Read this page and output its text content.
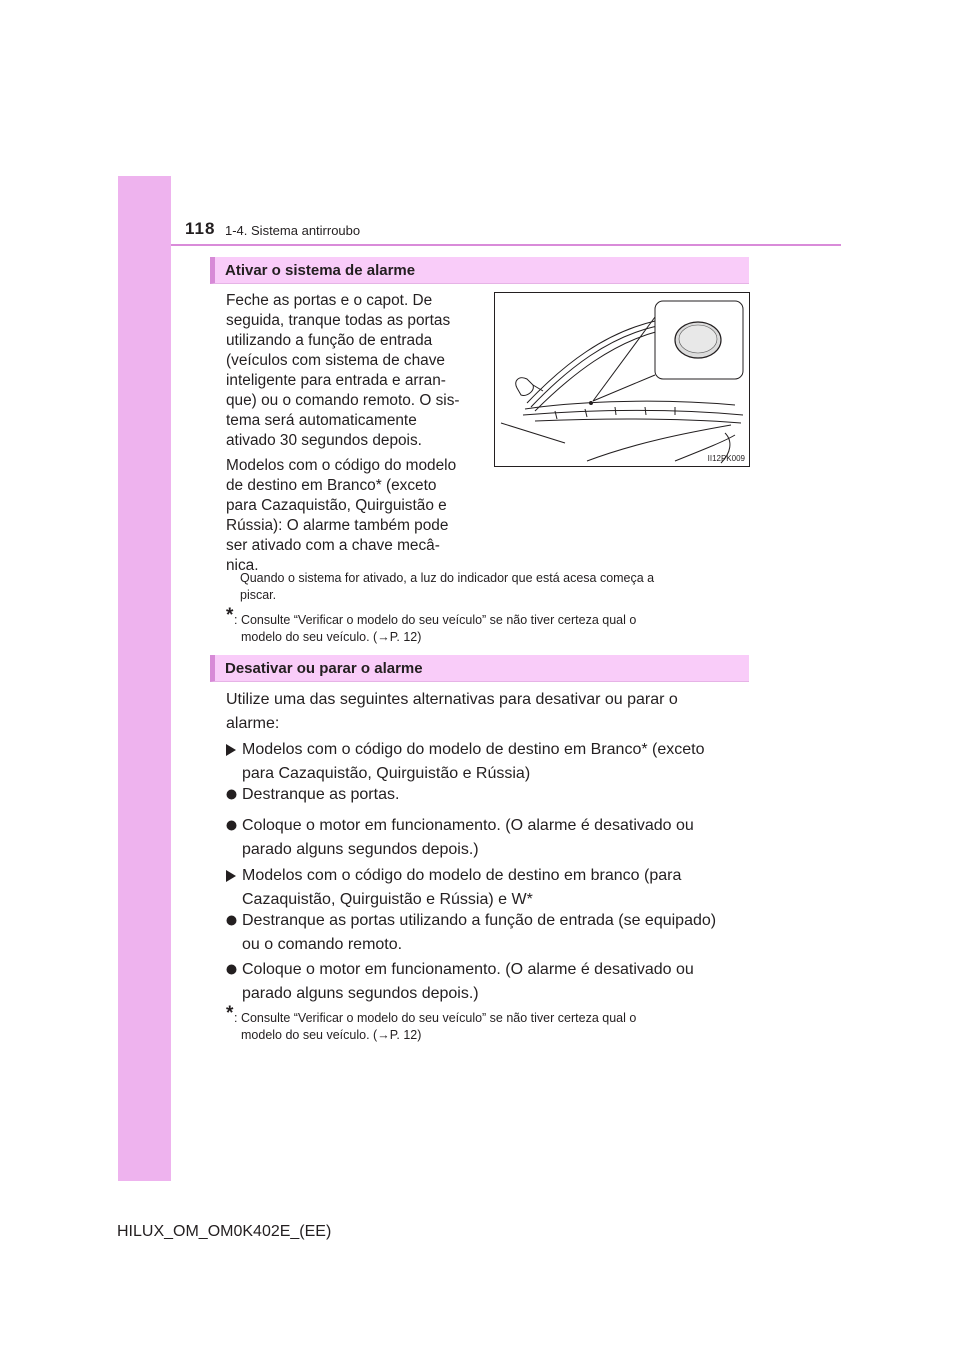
118 1-4. Sistema antirroubo
Ativar o sistema de alarme
Feche as portas e o capot. De
seguida, tranque todas as portas
utilizando a função de entrada
(veículos com sistema de chave
inteligente para entrada e arran-
que) ou o comando remoto. O sis-
tema será automaticamente
ativado 30 segundos depois.
Modelos com o código do modelo
de destino em Branco* (exceto
para Cazaquistão, Quirguistão e
Rússia): O alarme também pode
ser ativado com a chave mecâ-
nica.
II12PK009
Quando o sistema for ativado, a luz do indicador que está acesa começa a
piscar.
* : Consulte “Verificar o modelo do seu veículo” se não tiver certeza qual o
modelo do seu veículo. (→P. 12)
Desativar ou parar o alarme
Utilize uma das seguintes alternativas para desativar ou parar o
alarme:
Modelos com o código do modelo de destino em Branco* (exceto
para Cazaquistão, Quirguistão e Rússia)
Destranque as portas.
Coloque o motor em funcionamento. (O alarme é desativado ou
parado alguns segundos depois.)
Modelos com o código do modelo de destino em branco (para
Cazaquistão, Quirguistão e Rússia) e W*
Destranque as portas utilizando a função de entrada (se equipado)
ou o comando remoto.
Coloque o motor em funcionamento. (O alarme é desativado ou
parado alguns segundos depois.)
* : Consulte “Verificar o modelo do seu veículo” se não tiver certeza qual o
modelo do seu veículo. (→P. 12)
HILUX_OM_OM0K402E_(EE)
